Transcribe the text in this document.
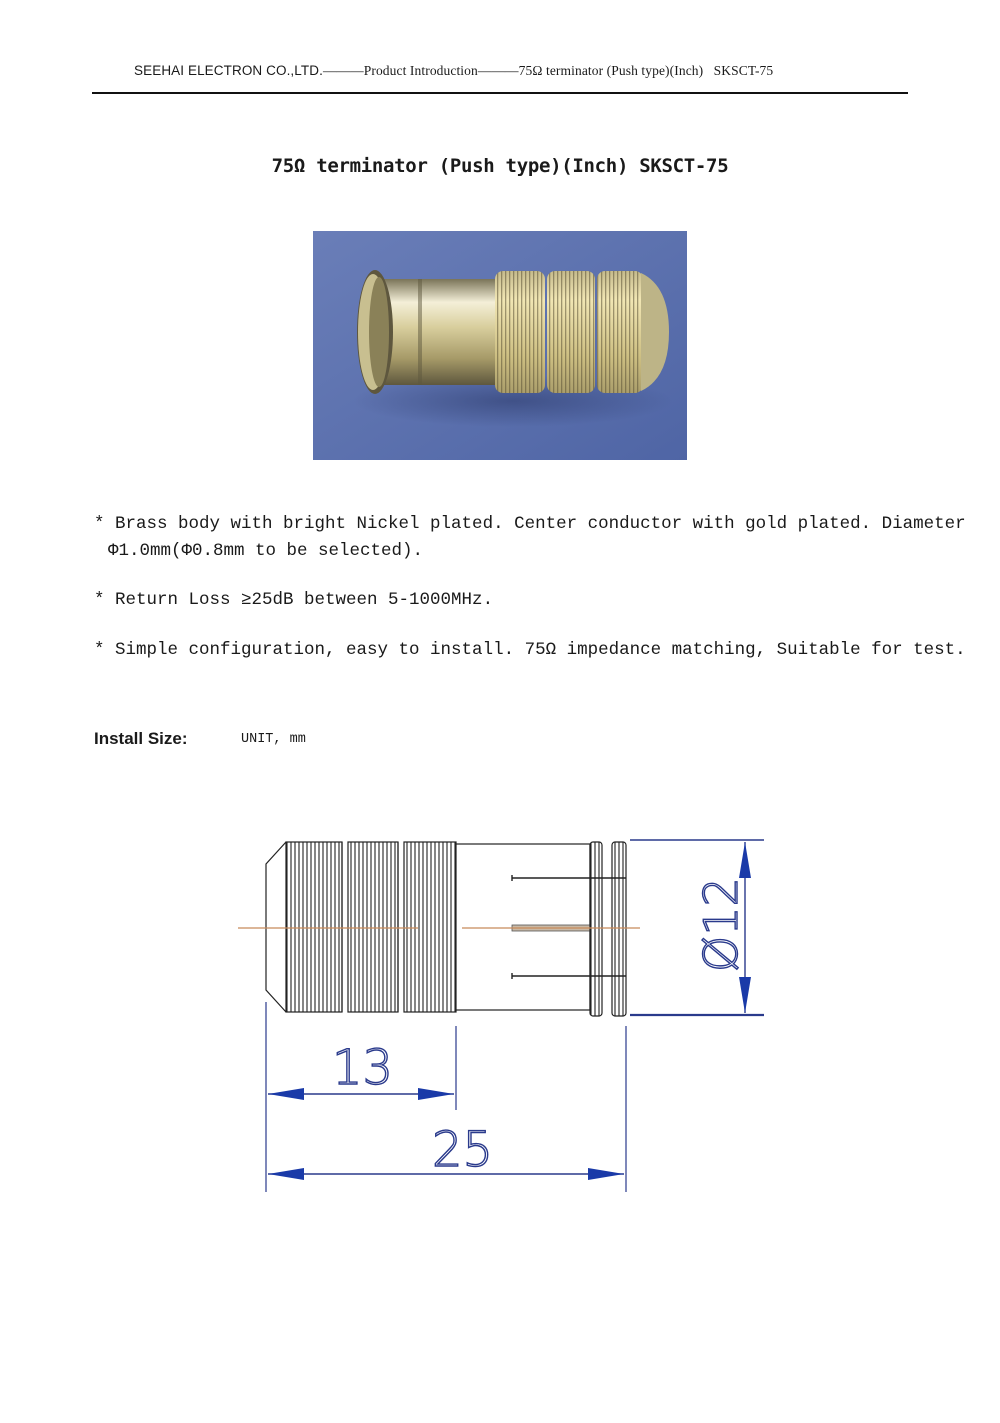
SEEHAI ELECTRON CO.,LTD.———Product Introduction———75Ω terminator (Push type)(Inch) SKSCT-75
75Ω terminator (Push type)(Inch) SKSCT-75
* Brass body with bright Nickel plated. Center conductor with gold plated. Diameter
Φ1.0mm(Φ0.8mm to be selected).
* Return Loss ≥25dB between 5-1000MHz.
* Simple configuration, easy to install. 75Ω impedance matching, Suitable for test.
Install Size:	UNIT, mm
Ø12
13
25
